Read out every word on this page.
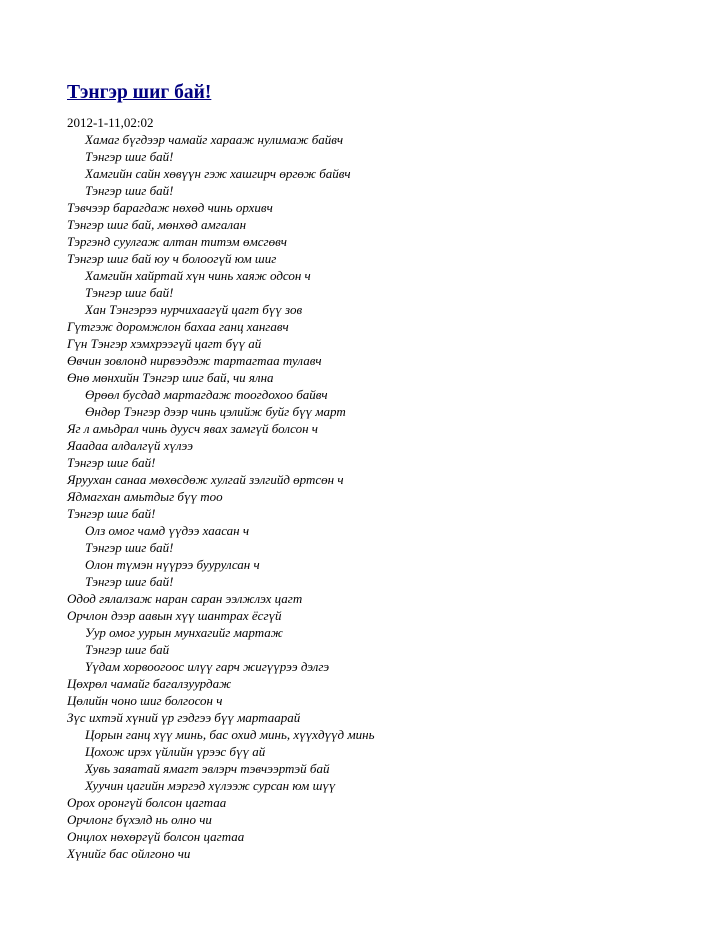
Тэнгэр шиг бай!
2012-1-11,02:02
Хамаг бүгдээр чамайг харааж нулимаж байвч
Тэнгэр шиг бай!
Хамгийн сайн хөвүүн гэж хашгирч өргөж байвч
Тэнгэр шиг бай!
Тэвчээр барагдаж нөхөд чинь орхивч
Тэнгэр шиг бай, мөнхөд амгалан
Тэргэнд суулгаж алтан титэм өмсгөвч
Тэнгэр шиг бай юу ч болоогүй юм шиг
Хамгийн хайртай хүн чинь хаяж одсон ч
Тэнгэр шиг бай!
Хан Тэнгэрээ нурчихаагүй цагт бүү зов
Гүтгэж доромжлон бахаа ганц хангавч
Гүн Тэнгэр хэмхрээгүй цагт бүү ай
Өвчин зовлонд нирвээдэж тартагтаа тулавч
Өнө мөнхийн Тэнгэр шиг бай, чи ялна
Өрөөл бусдад мартагдаж тоогдохоо байвч
Өндөр Тэнгэр дээр чинь цэлийж буйг бүү март
Яг л амьдрал чинь дууcч явах замгүй болсон ч
Яаадаа алдалгүй хүлээ
Тэнгэр шиг бай!
Яруухан санаа мөхөсдөж хулгай зэлгийд өртсөн ч
Ядмагхан амьтдыг бүү тоо
Тэнгэр шиг бай!
Олз омог чамд үүдээ хаасан ч
Тэнгэр шиг бай!
Олон түмэн нүүрээ буурулсан ч
Тэнгэр шиг бай!
Одод гялалзаж наран саран ээлжлэх цагт
Орчлон дээр аавын хүү шантрах ёсгүй
Уур омог уурын мунхагийг мартаж
Тэнгэр шиг бай
Үүдам хорвоогоос илүү гарч жигүүрээ дэлгэ
Цөхрөл чамайг багалзуурдаж
Цөлийн чоно шиг болгосон ч
Зүс ихтэй хүний үр гэдгээ бүү мартаарай
Цорын ганц хүү минь, бас охид минь, хүүхдүүд минь
Цохож ирэх үйлийн үрээс бүү ай
Хувь заяатай ямагт эвлэрч тэвчээртэй бай
Хуучин цагийн мэргэд хүлээж сурсан юм шүү
Орох оронгүй болсон цагтаа
Орчлонг бүхэлд нь олно чи
Онцлох нөхөргүй болсон цагтаа
Хүнийг бас ойлгоно чи
